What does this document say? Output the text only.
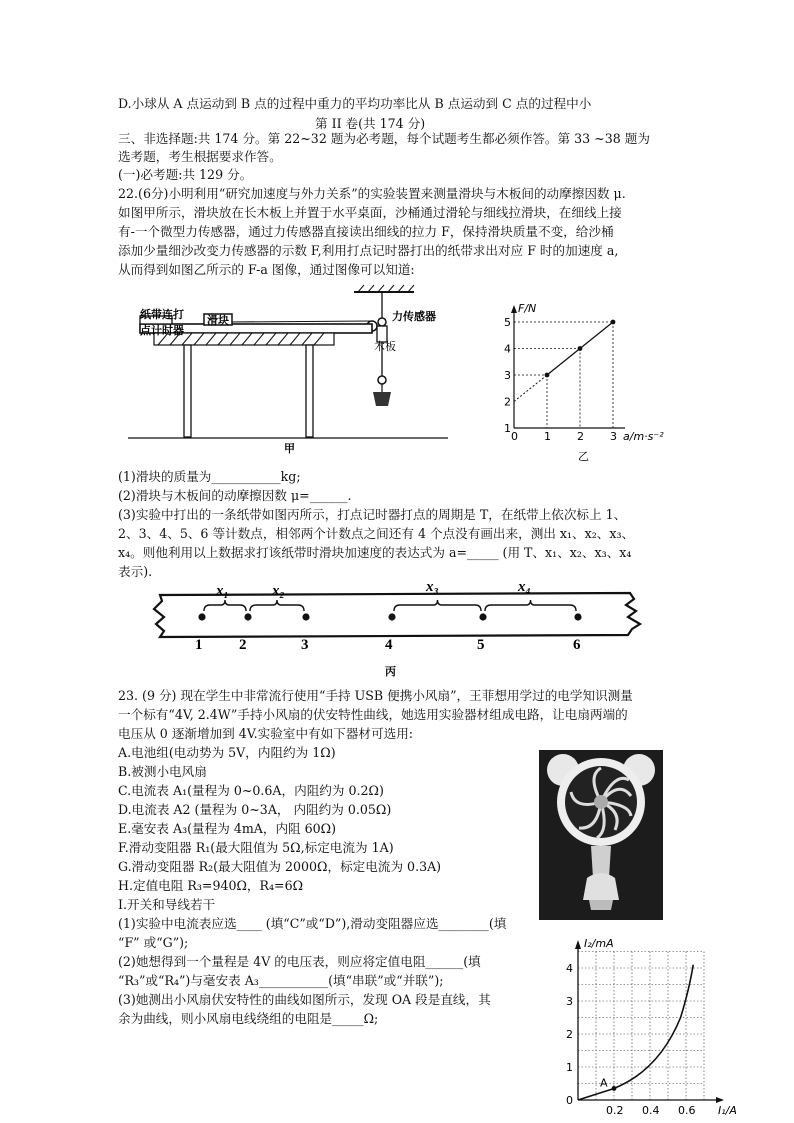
D.小球从 A 点运动到 B 点的过程中重力的平均功率比从 B 点运动到 C 点的过程中小
第 II 卷(共 174 分)
三、非选择题:共 174 分。第 22~32 题为必考题，每个试题考生都必须作答。第 33 ~38 题为
选考题，考生根据要求作答。
(一)必考题:共 129 分。
22.(6分)小明利用“研究加速度与外力关系”的实验装置来测量滑块与木板间的动摩擦因数 μ.
如图甲所示，滑块放在长木板上并置于水平桌面，沙桶通过滑轮与细线拉滑块，在细线上接
有-一个微型力传感器，通过力传感器直接读出细线的拉力 F，保持滑块质量不变，给沙桶
添加少量细沙改变力传感器的示数 F,利用打点记时器打出的纸带求出对应 F 时的加速度 a,
从而得到如图乙所示的 F-a 图像，通过图像可以知道:
纸带连打
点计时器
滑块	力传感器
木板
甲
F/N
a/m·s⁻²
乙
5
4
3
2
1
0 1 2 3
(1)滑块的质量为___________kg;
(2)滑块与木板间的动摩擦因数 μ=______.
(3)实验中打出的一条纸带如图丙所示，打点记时器打点的周期是 T，在纸带上依次标上 1、
2、3、4、5、6 等计数点，相邻两个计数点之间还有 4 个点没有画出来，测出 x₁、x₂、x₃、
x₄。则他利用以上数据求打该纸带时滑块加速度的表达式为 a=_____ (用 T、x₁、x₂、x₃、x₄
表示).
1 2	3	4	5	6
x₁	x₂	x₃	x₄
丙
23. (9 分) 现在学生中非常流行使用“手持 USB 便携小风扇”，王菲想用学过的电学知识测量
一个标有“4V, 2.4W”手持小风扇的伏安特性曲线，她选用实验器材组成电路，让电扇两端的
电压从 0 逐渐增加到 4V.实验室中有如下器材可选用:
A.电池组(电动势为 5V，内阻约为 1Ω)
B.被测小电风扇
C.电流表 A₁(量程为 0~0.6A，内阻约为 0.2Ω)
D.电流表 A2 (量程为 0~3A， 内阻约为 0.05Ω)
E.毫安表 A₃(量程为 4mA，内阻 60Ω)
F.滑动变阻器 R₁(最大阻值为 5Ω,标定电流为 1A)
G.滑动变阻器 R₂(最大阻值为 2000Ω，标定电流为 0.3A)
H.定值电阻 R₃=940Ω，R₄=6Ω
I.开关和导线若干
(1)实验中电流表应选____ (填“C”或“D”),滑动变阻器应选________(填
“F” 或“G”);
(2)她想得到一个量程是 4V 的电压表，则应将定值电阻______(填
“R₃”或“R₄”)与毫安表 A₃___________(填“串联”或“并联”);
(3)她测出小风扇伏安特性的曲线如图所示，发现 OA 段是直线，其
余为曲线，则小风扇电线绕组的电阻是_____Ω;
I₂/mA
I₁/A
4
3
2
1
0
0.2 0.4 0.6
A
